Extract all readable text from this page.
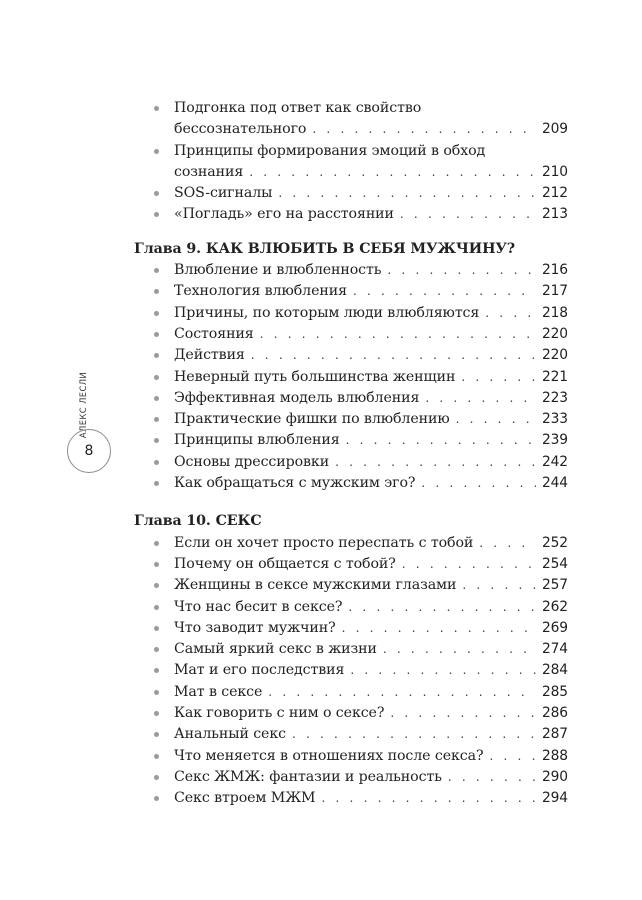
АЛЕКС ЛЕСЛИ
8
Подгонка под ответ как свойство
бессознательного . . .	209
Принципы формирования эмоций в обход
сознания . . .	210
SOS-сигналы . . .	212
«Погладь» его на расстоянии . . .	213
Глава 9. КАК ВЛЮБИТЬ В СЕБЯ МУЖЧИНУ?
Влюбление и влюбленность . . .	216
Технология влюбления . . .	217
Причины, по которым люди влюбляются . . .	218
Состояния . . .	220
Действия . . .	220
Неверный путь большинства женщин . . .	221
Эффективная модель влюбления . . .	223
Практические фишки по влюблению . . .	233
Принципы влюбления . . .	239
Основы дрессировки . . .	242
Как обращаться с мужским эго? . . .	244
Глава 10. СЕКС
Если он хочет просто переспать с тобой . . .	252
Почему он общается с тобой? . . .	254
Женщины в сексе мужскими глазами . . .	257
Что нас бесит в сексе? . . .	262
Что заводит мужчин? . . .	269
Самый яркий секс в жизни . . .	274
Мат и его последствия . . .	284
Мат в сексе . . .	285
Как говорить с ним о сексе? . . .	286
Анальный секс . . .	287
Что меняется в отношениях после секса? . . .	288
Секс ЖМЖ: фантазии и реальность . . .	290
Секс втроем МЖМ . . .	294
